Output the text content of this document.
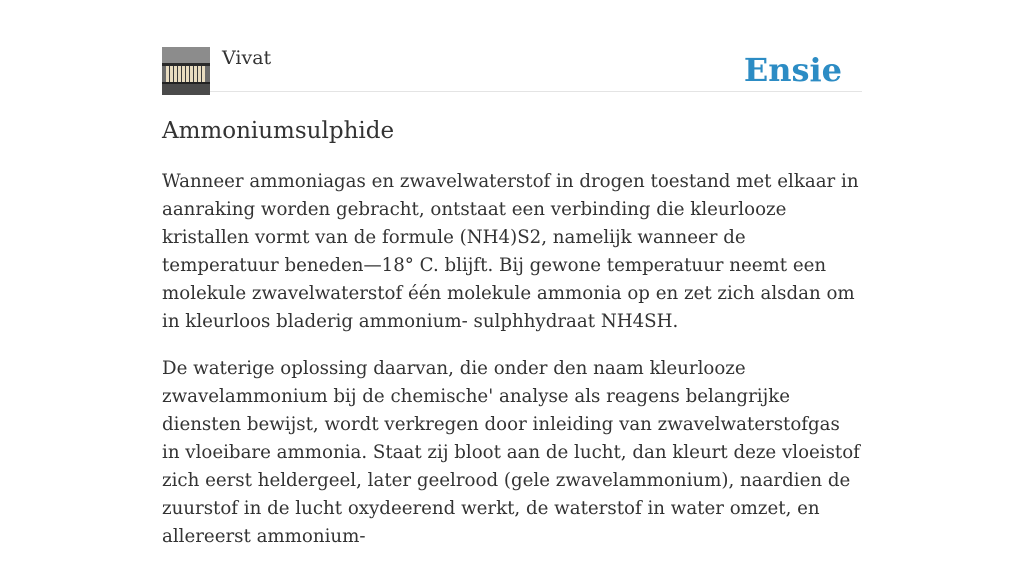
Vivat	Ensie
Ammoniumsulphide

Wanneer ammoniagas en zwavelwaterstof in drogen toestand met elkaar in aanraking worden gebracht, ontstaat een verbinding die kleurlooze kristallen vormt van de formule (NH4)S2, namelijk wanneer de temperatuur beneden—18° C. blijft. Bij gewone temperatuur neemt een molekule zwavelwaterstof één molekule ammonia op en zet zich alsdan om in kleurloos bladerig ammonium- sulphhydraat NH4SH.

De waterige oplossing daarvan, die onder den naam kleurlooze zwavelammonium bij de chemische' analyse als reagens belangrijke diensten bewijst, wordt verkregen door inleiding van zwavelwaterstofgas in vloeibare ammonia. Staat zij bloot aan de lucht, dan kleurt deze vloeistof zich eerst heldergeel, later geelrood (gele zwavelammonium), naardien de zuurstof in de lucht oxydeerend werkt, de waterstof in water omzet, en allereerst ammonium-
